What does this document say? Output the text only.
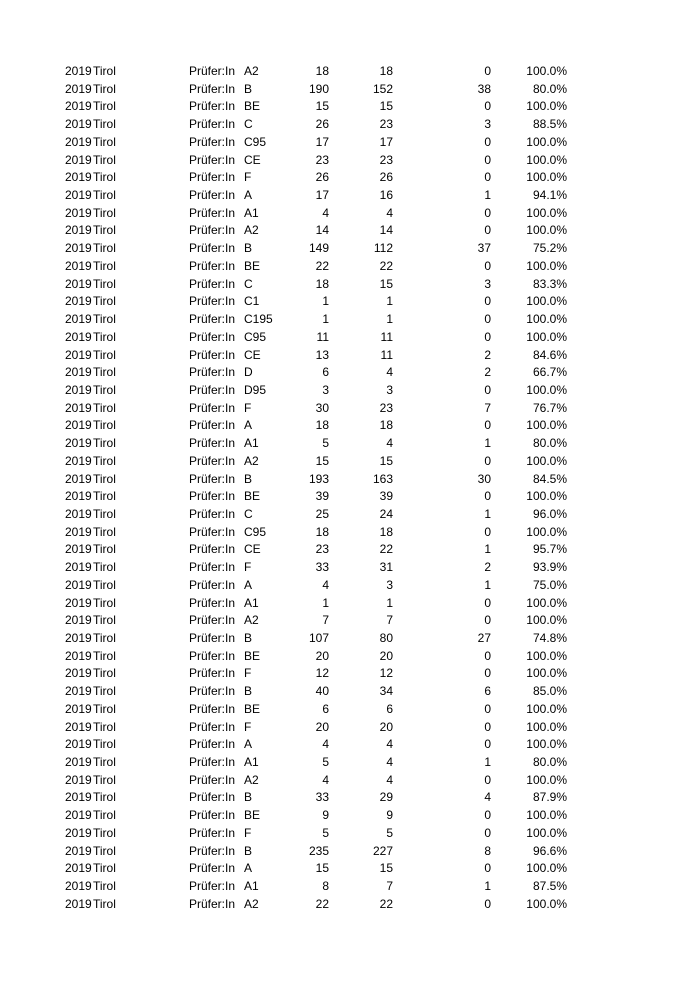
2019 Tirol	Prüfer:In A2	18	18	0	100.0%
2019 Tirol	Prüfer:In B	190	152	38	80.0%
2019 Tirol	Prüfer:In BE	15	15	0	100.0%
2019 Tirol	Prüfer:In C	26	23	3	88.5%
2019 Tirol	Prüfer:In C95	17	17	0	100.0%
2019 Tirol	Prüfer:In CE	23	23	0	100.0%
2019 Tirol	Prüfer:In F	26	26	0	100.0%
2019 Tirol	Prüfer:In A	17	16	1	94.1%
2019 Tirol	Prüfer:In A1	4	4	0	100.0%
2019 Tirol	Prüfer:In A2	14	14	0	100.0%
2019 Tirol	Prüfer:In B	149	112	37	75.2%
2019 Tirol	Prüfer:In BE	22	22	0	100.0%
2019 Tirol	Prüfer:In C	18	15	3	83.3%
2019 Tirol	Prüfer:In C1	1	1	0	100.0%
2019 Tirol	Prüfer:In C195	1	1	0	100.0%
2019 Tirol	Prüfer:In C95	11	11	0	100.0%
2019 Tirol	Prüfer:In CE	13	11	2	84.6%
2019 Tirol	Prüfer:In D	6	4	2	66.7%
2019 Tirol	Prüfer:In D95	3	3	0	100.0%
2019 Tirol	Prüfer:In F	30	23	7	76.7%
2019 Tirol	Prüfer:In A	18	18	0	100.0%
2019 Tirol	Prüfer:In A1	5	4	1	80.0%
2019 Tirol	Prüfer:In A2	15	15	0	100.0%
2019 Tirol	Prüfer:In B	193	163	30	84.5%
2019 Tirol	Prüfer:In BE	39	39	0	100.0%
2019 Tirol	Prüfer:In C	25	24	1	96.0%
2019 Tirol	Prüfer:In C95	18	18	0	100.0%
2019 Tirol	Prüfer:In CE	23	22	1	95.7%
2019 Tirol	Prüfer:In F	33	31	2	93.9%
2019 Tirol	Prüfer:In A	4	3	1	75.0%
2019 Tirol	Prüfer:In A1	1	1	0	100.0%
2019 Tirol	Prüfer:In A2	7	7	0	100.0%
2019 Tirol	Prüfer:In B	107	80	27	74.8%
2019 Tirol	Prüfer:In BE	20	20	0	100.0%
2019 Tirol	Prüfer:In F	12	12	0	100.0%
2019 Tirol	Prüfer:In B	40	34	6	85.0%
2019 Tirol	Prüfer:In BE	6	6	0	100.0%
2019 Tirol	Prüfer:In F	20	20	0	100.0%
2019 Tirol	Prüfer:In A	4	4	0	100.0%
2019 Tirol	Prüfer:In A1	5	4	1	80.0%
2019 Tirol	Prüfer:In A2	4	4	0	100.0%
2019 Tirol	Prüfer:In B	33	29	4	87.9%
2019 Tirol	Prüfer:In BE	9	9	0	100.0%
2019 Tirol	Prüfer:In F	5	5	0	100.0%
2019 Tirol	Prüfer:In B	235	227	8	96.6%
2019 Tirol	Prüfer:In A	15	15	0	100.0%
2019 Tirol	Prüfer:In A1	8	7	1	87.5%
2019 Tirol	Prüfer:In A2	22	22	0	100.0%
